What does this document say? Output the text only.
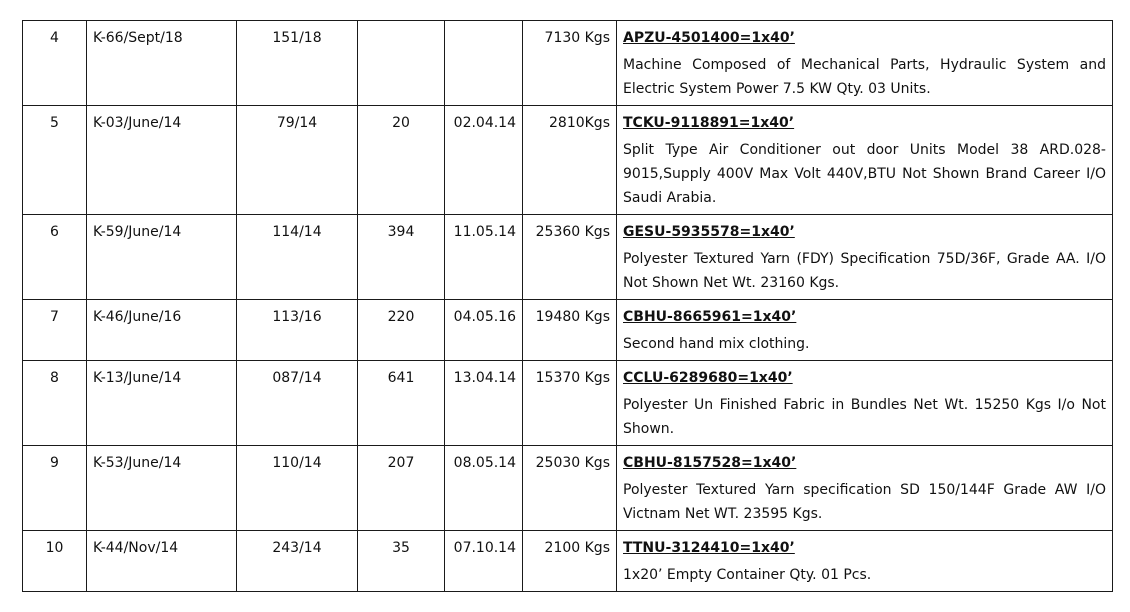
4	K-66/Sept/18	151/18			7130 Kgs	APZU-4501400=1x40’
Machine Composed of Mechanical Parts, Hydraulic System and Electric System Power 7.5 KW Qty. 03 Units.

5	K-03/June/14	79/14	20	02.04.14	2810Kgs	TCKU-9118891=1x40’
Split Type Air Conditioner out door Units Model 38 ARD.028-9015,Supply 400V Max Volt 440V,BTU Not Shown Brand Career I/O Saudi Arabia.

6	K-59/June/14	114/14	394	11.05.14	25360 Kgs	GESU-5935578=1x40’
Polyester Textured Yarn (FDY) Specification 75D/36F, Grade AA. I/O Not Shown Net Wt. 23160 Kgs.

7	K-46/June/16	113/16	220	04.05.16	19480 Kgs	CBHU-8665961=1x40’
Second hand mix clothing.

8	K-13/June/14	087/14	641	13.04.14	15370 Kgs	CCLU-6289680=1x40’
Polyester Un Finished Fabric in Bundles Net Wt. 15250 Kgs I/o Not Shown.

9	K-53/June/14	110/14	207	08.05.14	25030 Kgs	CBHU-8157528=1x40’
Polyester Textured Yarn specification SD 150/144F Grade AW I/O Victnam Net WT. 23595 Kgs.

10	K-44/Nov/14	243/14	35	07.10.14	2100 Kgs	TTNU-3124410=1x40’
1x20’ Empty Container Qty. 01 Pcs.
